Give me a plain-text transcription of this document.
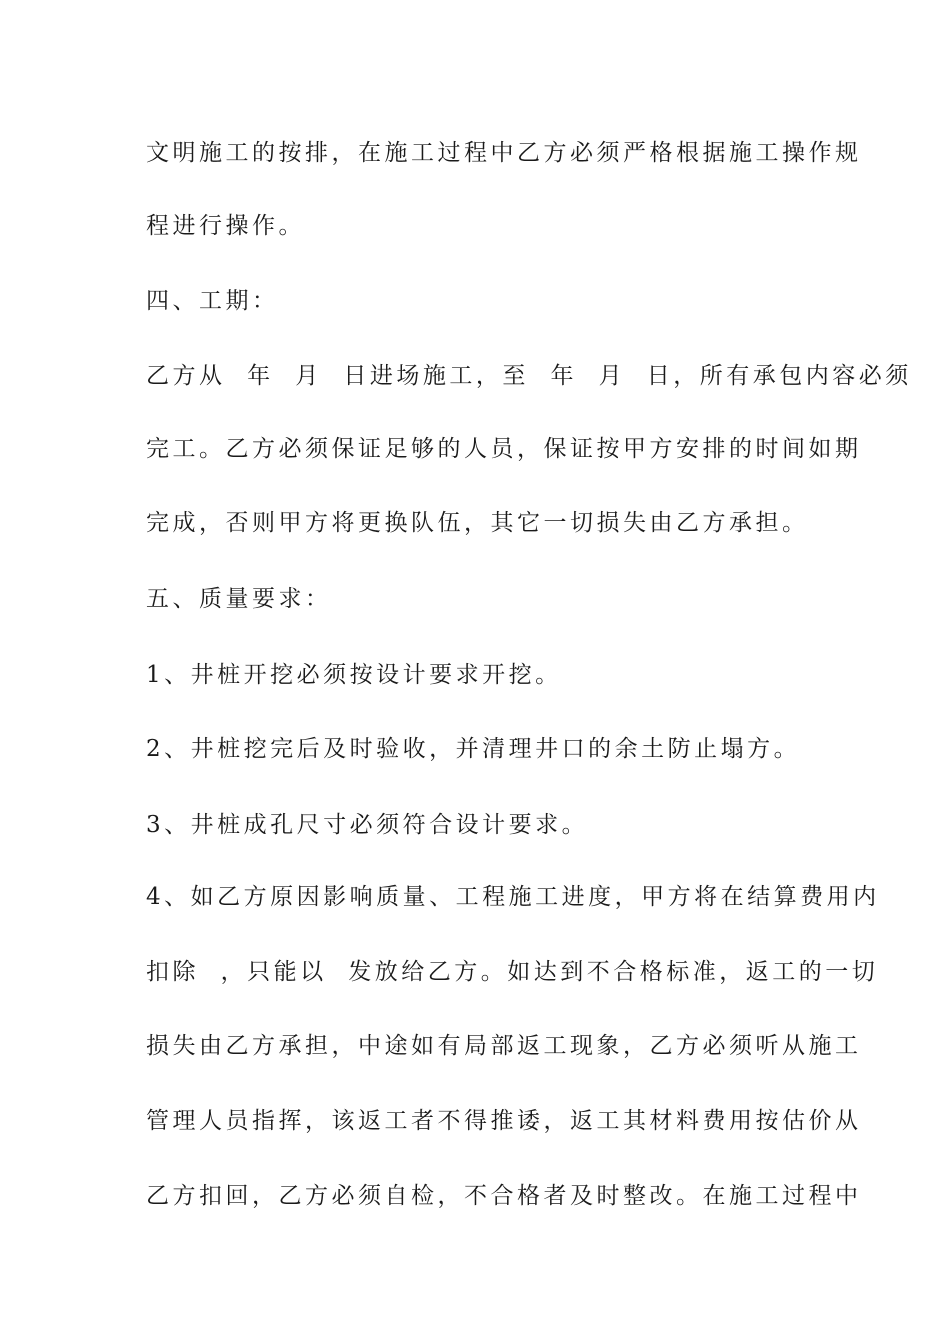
文明施工的按排，在施工过程中乙方必须严格根据施工操作规
程进行操作。
四、工期：
乙方从  年  月  日进场施工，至  年  月  日，所有承包内容必须
完工。乙方必须保证足够的人员，保证按甲方安排的时间如期
完成，否则甲方将更换队伍，其它一切损失由乙方承担。
五、质量要求：
1、井桩开挖必须按设计要求开挖。
2、井桩挖完后及时验收，并清理井口的余土防止塌方。
3、井桩成孔尺寸必须符合设计要求。
4、如乙方原因影响质量、工程施工进度，甲方将在结算费用内
扣除  ，只能以  发放给乙方。如达到不合格标准，返工的一切
损失由乙方承担，中途如有局部返工现象，乙方必须听从施工
管理人员指挥，该返工者不得推诿，返工其材料费用按估价从
乙方扣回，乙方必须自检，不合格者及时整改。在施工过程中
